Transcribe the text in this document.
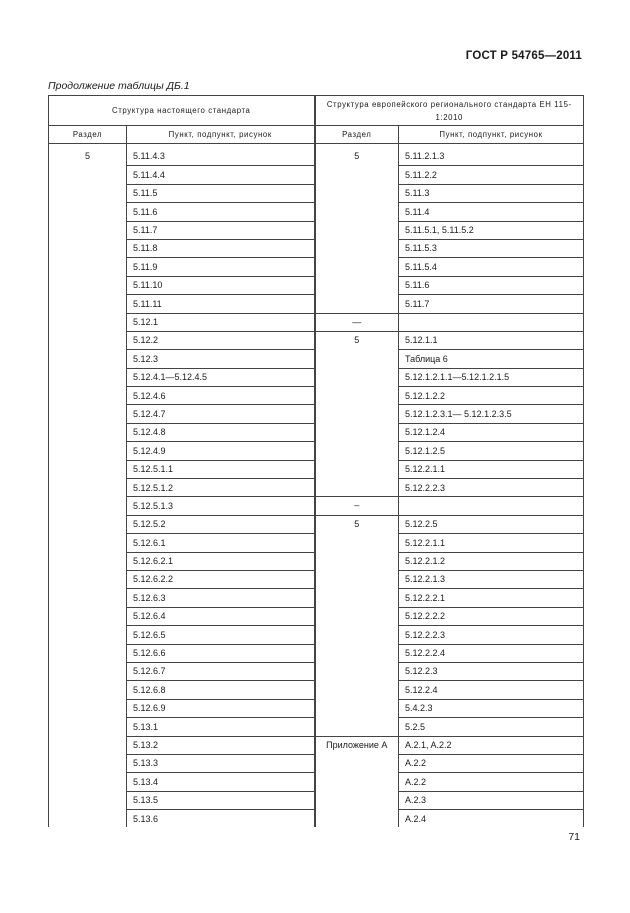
ГОСТ Р 54765—2011
Продолжение таблицы ДБ.1
Структура настоящего стандарта		Структура европейского регионального стандарта ЕН 115-1:2010	
Раздел	Пункт, подпункт, рисунок	Раздел	Пункт, подпункт, рисунок
5	5.11.4.3	5	5.11.2.1.3
	5.11.4.4		5.11.2.2
	5.11.5		5.11.3
	5.11.6		5.11.4
	5.11.7		5.11.5.1, 5.11.5.2
	5.11.8		5.11.5.3
	5.11.9		5.11.5.4
	5.11.10		5.11.6
	5.11.11		5.11.7
	5.12.1	—	
	5.12.2	5	5.12.1.1
	5.12.3		Таблица 6
	5.12.4.1—5.12.4.5		5.12.1.2.1.1—5.12.1.2.1.5
	5.12.4.6		5.12.1.2.2
	5.12.4.7		5.12.1.2.3.1— 5.12.1.2.3.5
	5.12.4.8		5.12.1.2.4
	5.12.4.9		5.12.1.2.5
	5.12.5.1.1		5.12.2.1.1
	5.12.5.1.2		5.12.2.2.3
	5.12.5.1.3	–	
	5.12.5.2	5	5.12.2.5
	5.12.6.1		5.12.2.1.1
	5.12.6.2.1		5.12.2.1.2
	5.12.6.2.2		5.12.2.1.3
	5.12.6.3		5.12.2.2.1
	5.12.6.4		5.12.2.2.2
	5.12.6.5		5.12.2.2.3
	5.12.6.6		5.12.2.2.4
	5.12.6.7		5.12.2.3
	5.12.6.8		5.12.2.4
	5.12.6.9		5.4.2.3
	5.13.1		5.2.5
	5.13.2	Приложение А	A.2.1, A.2.2
	5.13.3		A.2.2
	5.13.4		A.2.2
	5.13.5		A.2.3
	5.13.6		A.2.4
71
